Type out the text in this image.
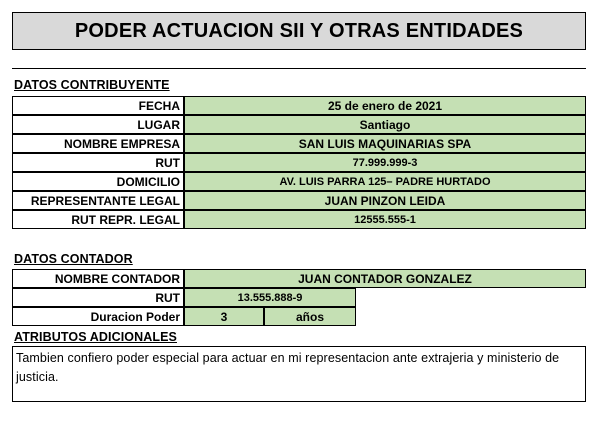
PODER ACTUACION SII Y OTRAS ENTIDADES
DATOS CONTRIBUYENTE
FECHA	25 de enero de 2021
LUGAR	Santiago
NOMBRE EMPRESA	SAN LUIS MAQUINARIAS SPA
RUT	77.999.999-3
DOMICILIO	AV. LUIS PARRA 125– PADRE HURTADO
REPRESENTANTE LEGAL	JUAN PINZON LEIDA
RUT REPR. LEGAL	12555.555-1
DATOS CONTADOR
NOMBRE CONTADOR	JUAN CONTADOR GONZALEZ
RUT	13.555.888-9
Duracion Poder	3	años
ATRIBUTOS ADICIONALES
Tambien confiero poder especial para actuar en mi representacion ante extrajeria y ministerio de justicia.
